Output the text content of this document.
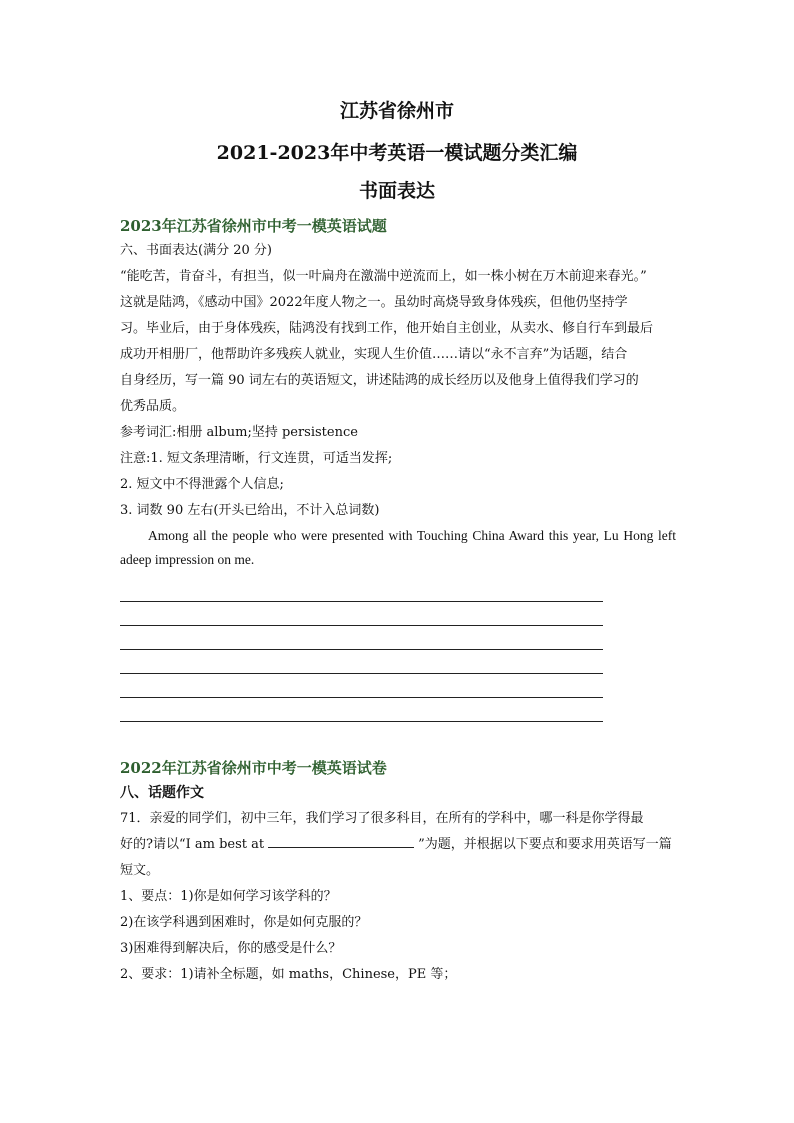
江苏省徐州市
2021-2023年中考英语一模试题分类汇编
书面表达
2023年江苏省徐州市中考一模英语试题
六、书面表达(满分 20 分)
“能吃苦，肯奋斗，有担当，似一叶扁舟在激湍中逆流而上，如一株小树在万木前迎来春光。”
这就是陆鸿，《感动中国》2022年度人物之一。虽幼时高烧导致身体残疾，但他仍坚持学
习。毕业后，由于身体残疾，陆鸿没有找到工作，他开始自主创业，从卖水、修自行车到最后
成功开相册厂，他帮助许多残疾人就业，实现人生价值……请以“永不言弃”为话题，结合
自身经历，写一篇 90 词左右的英语短文，讲述陆鸿的成长经历以及他身上值得我们学习的
优秀品质。
参考词汇:相册 album;坚持 persistence
注意:1. 短文条理清晰，行文连贯，可适当发挥;
2. 短文中不得泄露个人信息;
3. 词数 90 左右(开头已给出，不计入总词数)
Among all the people who were presented with Touching China Award this year, Lu Hong left adeep impression on me.
2022年江苏省徐州市中考一模英语试卷
八、话题作文
71．亲爱的同学们，初中三年，我们学习了很多科目，在所有的学科中，哪一科是你学得最
好的?请以“I am best at	”为题，并根据以下要点和要求用英语写一篇
短文。
1、要点：1)你是如何学习该学科的？
2)在该学科遇到困难时，你是如何克服的？
3)困难得到解决后，你的感受是什么？
2、要求：1)请补全标题，如 maths，Chinese，PE 等；
